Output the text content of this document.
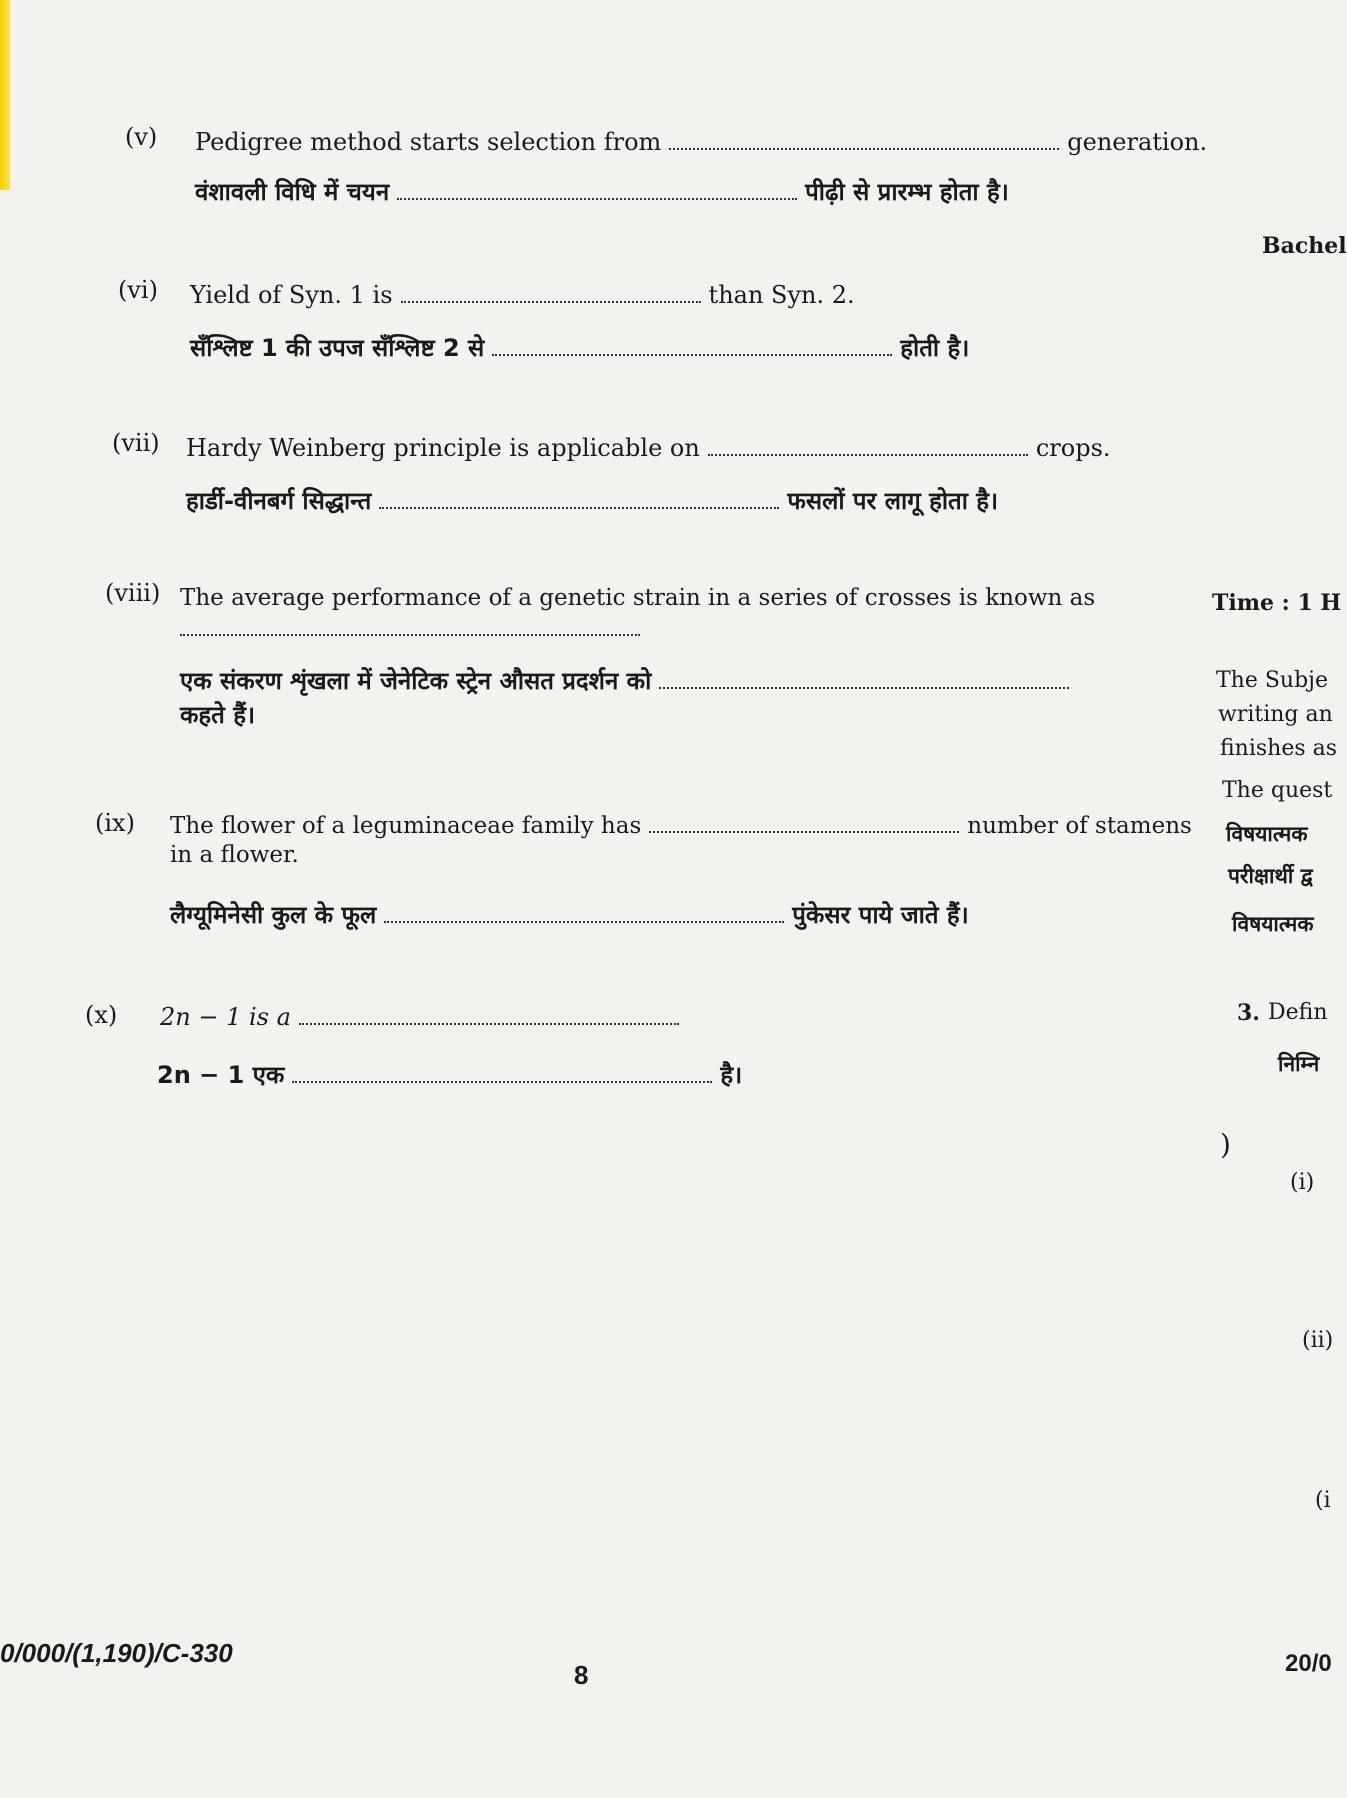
(v) Pedigree method starts selection from	generation.
वंशावली विधि में चयन	पीढ़ी से प्रारम्भ होता है।
(vi) Yield of Syn. 1 is	than Syn. 2.
सँश्लिष्ट 1 की उपज सँश्लिष्ट 2 से	होती है।
(vii) Hardy Weinberg principle is applicable on	crops.
हार्डी-वीनबर्ग सिद्धान्त	फसलों पर लागू होता है।
(viii) The average performance of a genetic strain in a series of crosses is known as
एक संकरण शृंखला में जेनेटिक स्ट्रेन औसत प्रदर्शन को
कहते हैं।
(ix) The flower of a leguminaceae family has	number of stamens
in a flower.
लैग्यूमिनेसी कुल के फूल	पुंकेसर पाये जाते हैं।
(x) 2n − 1 is a
2n − 1 एक	है।
Bachel
Time : 1 H
The Subje
writing an
finishes as
The quest
विषयात्मक
परीक्षार्थी द्व
विषयात्मक
3. Defin
निम्नि
)
(i)
(ii)
(i
0/000/(1,190)/C-330
8	20/0
